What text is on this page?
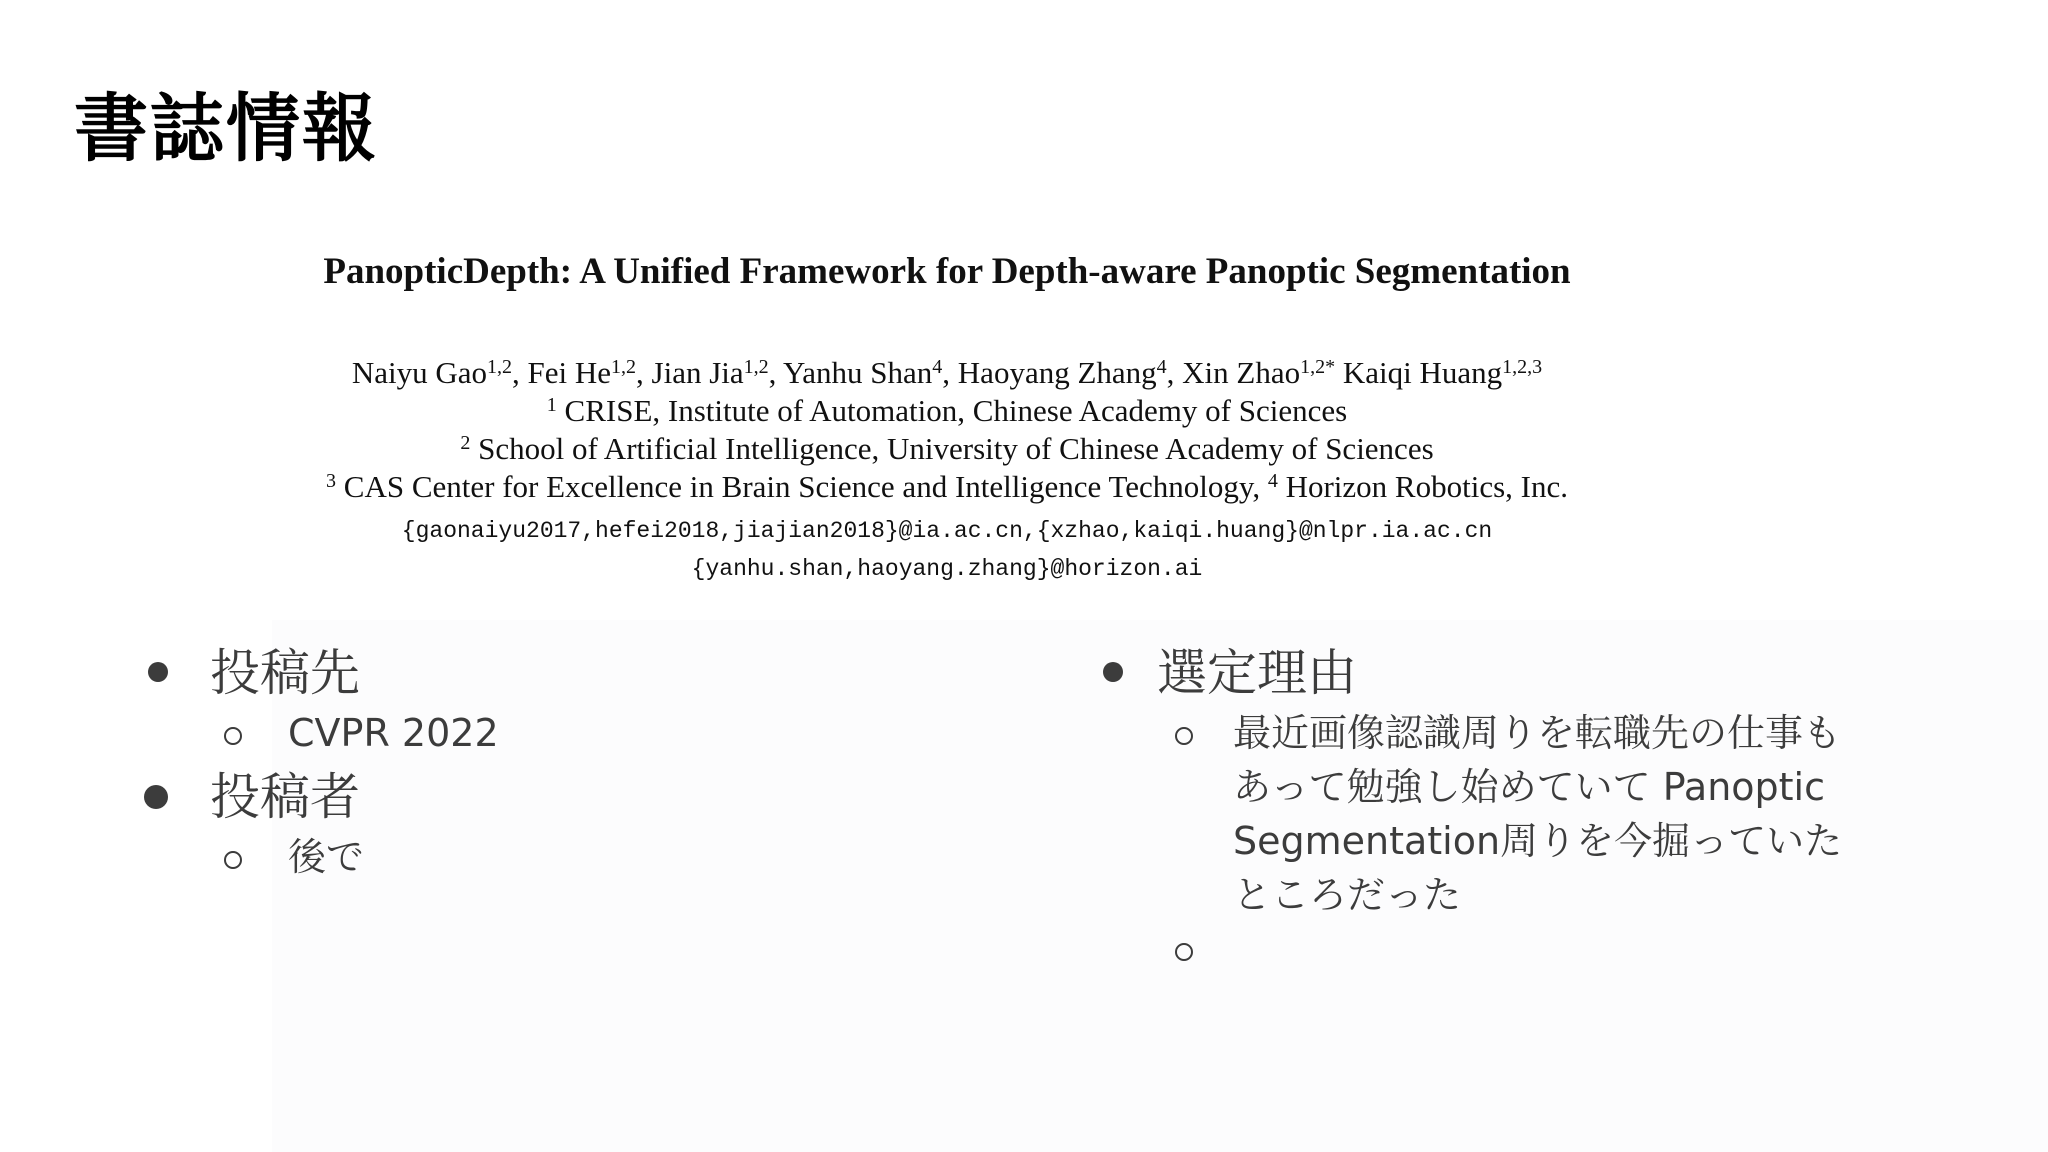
書誌情報
PanopticDepth: A Unified Framework for Depth-aware Panoptic Segmentation
Naiyu Gao$^{1,2}$, Fei He$^{1,2}$, Jian Jia$^{1,2}$, Yanhu Shan$^4$, Haoyang Zhang$^4$, Xin Zhao$^{1,2*}$ Kaiqi Huang$^{1,2,3}$
$^1$ CRISE, Institute of Automation, Chinese Academy of Sciences
$^2$ School of Artificial Intelligence, University of Chinese Academy of Sciences
$^3$ CAS Center for Excellence in Brain Science and Intelligence Technology, $^4$ Horizon Robotics, Inc.
{gaonaiyu2017,hefei2018,jiajian2018}@ia.ac.cn,{xzhao,kaiqi.huang}@nlpr.ia.ac.cn
{yanhu.shan,haoyang.zhang}@horizon.ai
投稿先
CVPR 2022
投稿者
後で
選定理由
最近画像認識周りを転職先の仕事もあって勉強し始めていて Panoptic Segmentation周りを今掘っていたところだった
